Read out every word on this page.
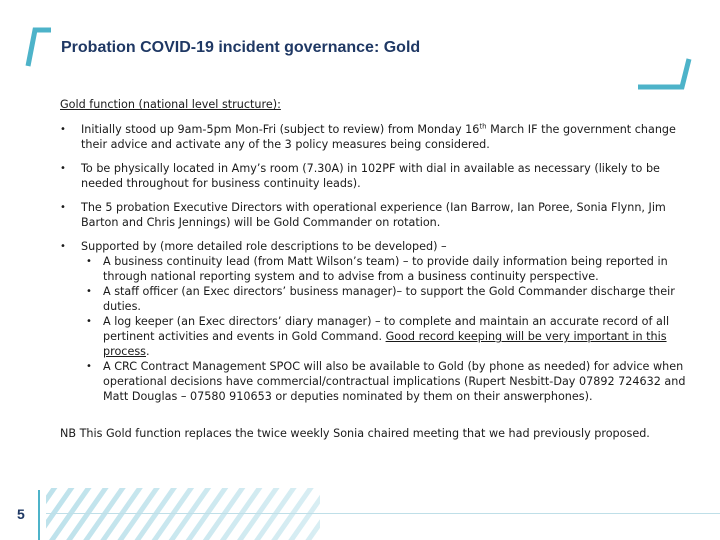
Probation COVID-19 incident governance: Gold

Gold function (national level structure):

• Initially stood up 9am-5pm Mon-Fri (subject to review) from Monday 16th March IF the government change their advice and activate any of the 3 policy measures being considered.
• To be physically located in Amy’s room (7.30A) in 102PF with dial in available as necessary (likely to be needed throughout for business continuity leads).
• The 5 probation Executive Directors with operational experience (Ian Barrow, Ian Poree, Sonia Flynn, Jim Barton and Chris Jennings) will be Gold Commander on rotation.
• Supported by (more detailed role descriptions to be developed) –
• A business continuity lead (from Matt Wilson’s team) – to provide daily information being reported in through national reporting system and to advise from a business continuity perspective.
• A staff officer (an Exec directors’ business manager)– to support the Gold Commander discharge their duties.
• A log keeper (an Exec directors’ diary manager) – to complete and maintain an accurate record of all pertinent activities and events in Gold Command. Good record keeping will be very important in this process.
• A CRC Contract Management SPOC will also be available to Gold (by phone as needed) for advice when operational decisions have commercial/contractual implications (Rupert Nesbitt-Day 07892 724632 and Matt Douglas – 07580 910653 or deputies nominated by them on their answerphones).

NB This Gold function replaces the twice weekly Sonia chaired meeting that we had previously proposed.

5
